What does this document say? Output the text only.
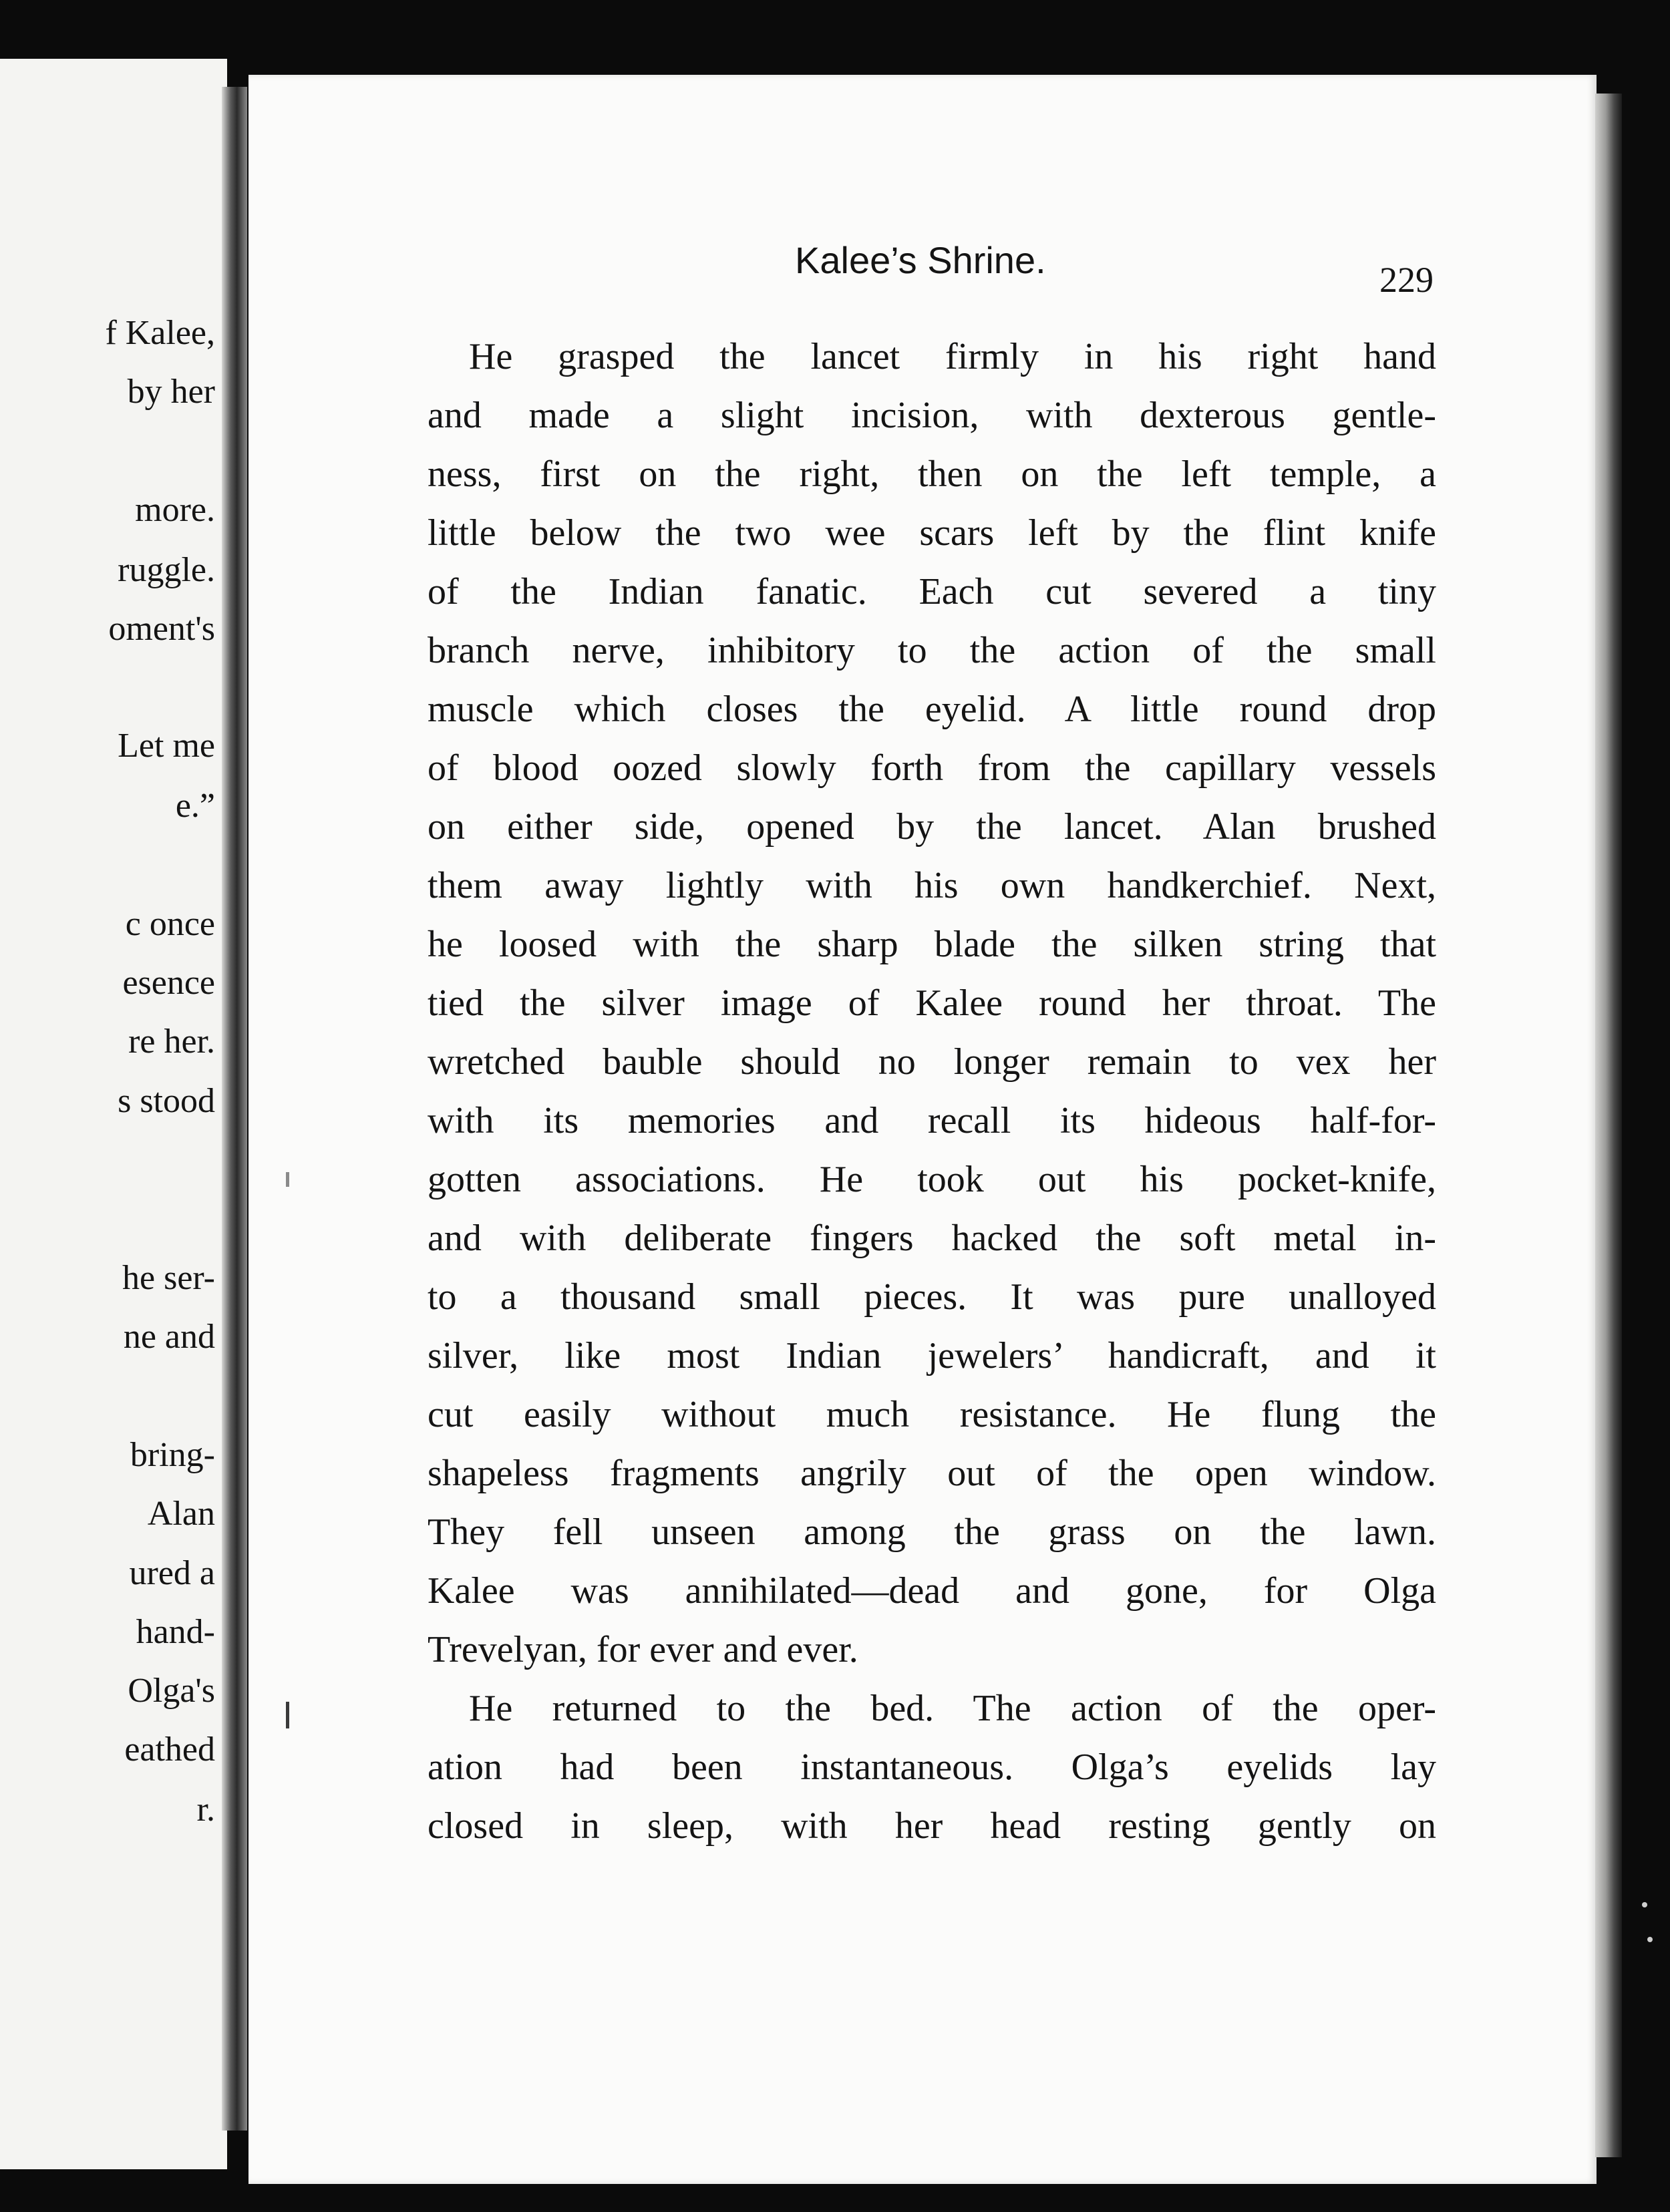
f Kalee,

by her

more.

ruggle.

oment's

Let me

e.”

c once

esence

re her.

s stood

he ser-

ne and

bring-

Alan

ured a

hand-

Olga's

eathed

r.

Kalee’s Shrine.	229

He grasped the lancet firmly in his right hand

and made a slight incision, with dexterous gentle-

ness, first on the right, then on the left temple, a

little below the two wee scars left by the flint knife

of the Indian fanatic. Each cut severed a tiny

branch nerve, inhibitory to the action of the small

muscle which closes the eyelid. A little round drop

of blood oozed slowly forth from the capillary vessels

on either side, opened by the lancet. Alan brushed

them away lightly with his own handkerchief. Next,

he loosed with the sharp blade the silken string that

tied the silver image of Kalee round her throat. The

wretched bauble should no longer remain to vex her

with its memories and recall its hideous half-for-

gotten associations. He took out his pocket-knife,

and with deliberate fingers hacked the soft metal in-

to a thousand small pieces. It was pure unalloyed

silver, like most Indian jewelers’ handicraft, and it

cut easily without much resistance. He flung the

shapeless fragments angrily out of the open window.

They fell unseen among the grass on the lawn.

Kalee was annihilated—dead and gone, for Olga

Trevelyan, for ever and ever.

He returned to the bed. The action of the oper-

ation had been instantaneous. Olga’s eyelids lay

closed in sleep, with her head resting gently on
